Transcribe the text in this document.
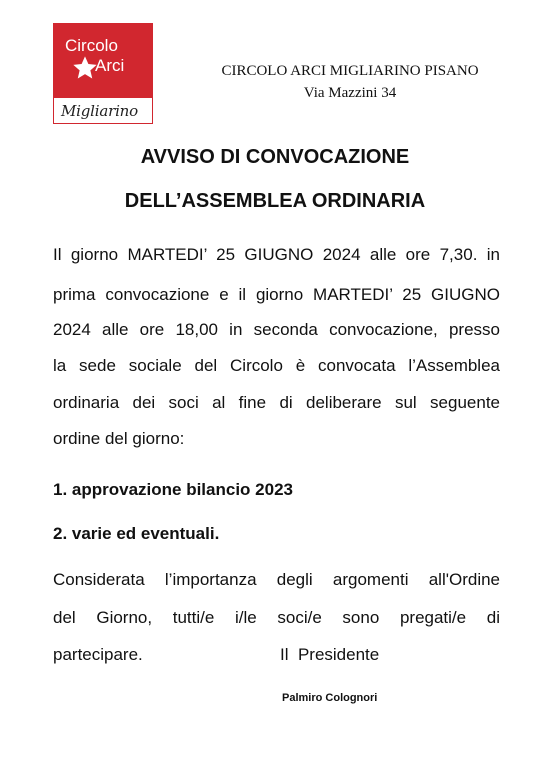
Circolo
Arci
Migliarino
CIRCOLO ARCI MIGLIARINO PISANO
Via Mazzini 34
AVVISO DI CONVOCAZIONE
DELL’ASSEMBLEA ORDINARIA
Il giorno MARTEDI’ 25 GIUGNO 2024 alle ore 7,30. in
prima convocazione e il giorno MARTEDI’ 25 GIUGNO
2024 alle ore 18,00 in seconda convocazione, presso
la sede sociale del Circolo è convocata l’Assemblea
ordinaria dei soci al fine di deliberare sul seguente
ordine del giorno:
1. approvazione bilancio 2023
2. varie ed eventuali.
Considerata l’importanza degli argomenti all'Ordine
del Giorno, tutti/e i/le soci/e sono pregati/e di
partecipare.	Il  Presidente
Palmiro Colognori
